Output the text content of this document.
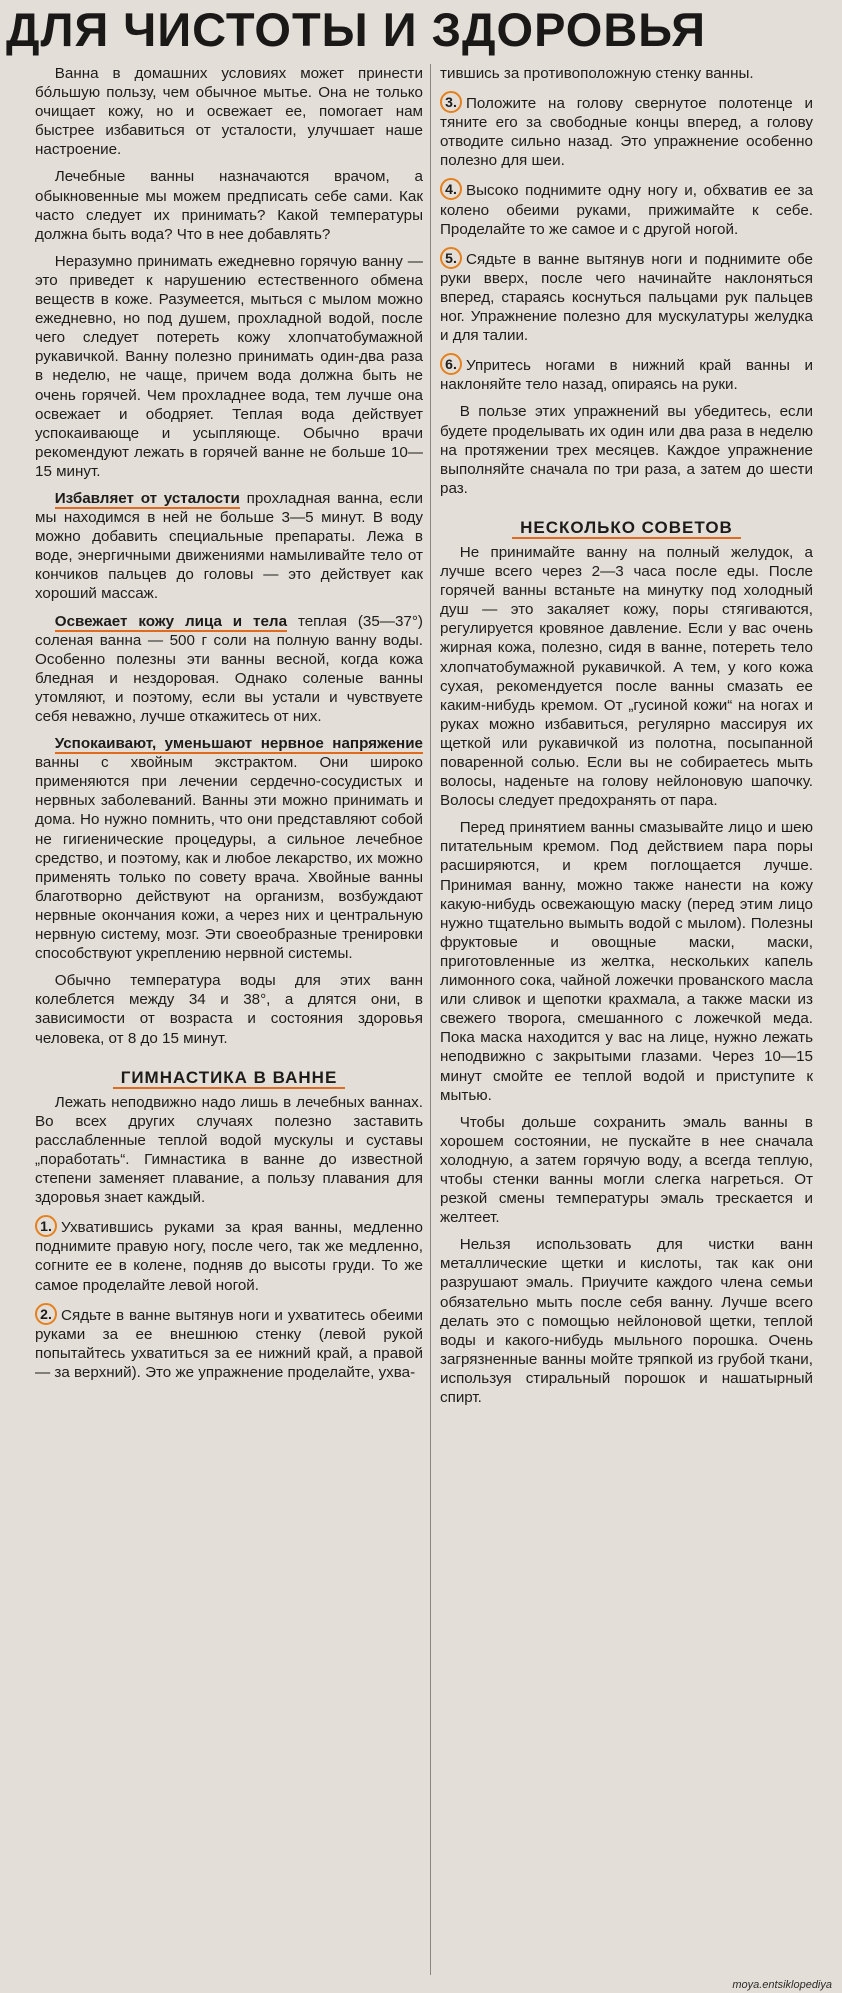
ДЛЯ ЧИСТОТЫ И ЗДОРОВЬЯ

Ванна в домашних условиях может принести бóльшую пользу, чем обычное мытье. Она не только очищает кожу, но и освежает ее, помогает нам быстрее избавиться от усталости, улучшает наше настроение.

Лечебные ванны назначаются врачом, а обыкновенные мы можем предписать себе сами. Как часто следует их принимать? Какой температуры должна быть вода? Что в нее добавлять?

Неразумно принимать ежедневно горячую ванну — это приведет к нарушению естественного обмена веществ в коже. Разумеется, мыться с мылом можно ежедневно, но под душем, прохладной водой, после чего следует потереть кожу хлопчатобумажной рукавичкой. Ванну полезно принимать один-два раза в неделю, не чаще, причем вода должна быть не очень горячей. Чем прохладнее вода, тем лучше она освежает и ободряет. Теплая вода действует успокаивающе и усыпляюще. Обычно врачи рекомендуют лежать в горячей ванне не больше 10—15 минут.

Избавляет от усталости прохладная ванна, если мы находимся в ней не больше 3—5 минут. В воду можно добавить специальные препараты. Лежа в воде, энергичными движениями намыливайте тело от кончиков пальцев до головы — это действует как хороший массаж.

Освежает кожу лица и тела теплая (35—37°) соленая ванна — 500 г соли на полную ванну воды. Особенно полезны эти ванны весной, когда кожа бледная и нездоровая. Однако соленые ванны утомляют, и поэтому, если вы устали и чувствуете себя неважно, лучше откажитесь от них.

Успокаивают, уменьшают нервное напряжение ванны с хвойным экстрактом. Они широко применяются при лечении сердечно-сосудистых и нервных заболеваний. Ванны эти можно принимать и дома. Но нужно помнить, что они представляют собой не гигиенические процедуры, а сильное лечебное средство, и поэтому, как и любое лекарство, их можно применять только по совету врача. Хвойные ванны благотворно действуют на организм, возбуждают нервные окончания кожи, а через них и центральную нервную систему, мозг. Эти своеобразные тренировки способствуют укреплению нервной системы.

Обычно температура воды для этих ванн колеблется между 34 и 38°, а длятся они, в зависимости от возраста и состояния здоровья человека, от 8 до 15 минут.

ГИМНАСТИКА В ВАННЕ

Лежать неподвижно надо лишь в лечебных ваннах. Во всех других случаях полезно заставить расслабленные теплой водой мускулы и суставы „поработать“. Гимнастика в ванне до известной степени заменяет плавание, а пользу плавания для здоровья знает каждый.

1. Ухватившись руками за края ванны, медленно поднимите правую ногу, после чего, так же медленно, согните ее в колене, подняв до высоты груди. То же самое проделайте левой ногой.

2. Сядьте в ванне вытянув ноги и ухватитесь обеими руками за ее внешнюю стенку (левой рукой попытайтесь ухватиться за ее нижний край, а правой — за верхний). Это же упражнение проделайте, ухва-

тившись за противоположную стенку ванны.

3. Положите на голову свернутое полотенце и тяните его за свободные концы вперед, а голову отводите сильно назад. Это упражнение особенно полезно для шеи.

4. Высоко поднимите одну ногу и, обхватив ее за колено обеими руками, прижимайте к себе. Проделайте то же самое и с другой ногой.

5. Сядьте в ванне вытянув ноги и поднимите обе руки вверх, после чего начинайте наклоняться вперед, стараясь коснуться пальцами рук пальцев ног. Упражнение полезно для мускулатуры желудка и для талии.

6. Упритесь ногами в нижний край ванны и наклоняйте тело назад, опираясь на руки.

В пользе этих упражнений вы убедитесь, если будете проделывать их один или два раза в неделю на протяжении трех месяцев. Каждое упражнение выполняйте сначала по три раза, а затем до шести раз.

НЕСКОЛЬКО СОВЕТОВ

Не принимайте ванну на полный желудок, а лучше всего через 2—3 часа после еды. После горячей ванны встаньте на минутку под холодный душ — это закаляет кожу, поры стягиваются, регулируется кровяное давление. Если у вас очень жирная кожа, полезно, сидя в ванне, потереть тело хлопчатобумажной рукавичкой. А тем, у кого кожа сухая, рекомендуется после ванны смазать ее каким-нибудь кремом. От „гусиной кожи“ на ногах и руках можно избавиться, регулярно массируя их щеткой или рукавичкой из полотна, посыпанной поваренной солью. Если вы не собираетесь мыть волосы, наденьте на голову нейлоновую шапочку. Волосы следует предохранять от пара.

Перед принятием ванны смазывайте лицо и шею питательным кремом. Под действием пара поры расширяются, и крем поглощается лучше. Принимая ванну, можно также нанести на кожу какую-нибудь освежающую маску (перед этим лицо нужно тщательно вымыть водой с мылом). Полезны фруктовые и овощные маски, маски, приготовленные из желтка, нескольких капель лимонного сока, чайной ложечки прованского масла или сливок и щепотки крахмала, а также маски из свежего творога, смешанного с ложечкой меда. Пока маска находится у вас на лице, нужно лежать неподвижно с закрытыми глазами. Через 10—15 минут смойте ее теплой водой и приступите к мытью.

Чтобы дольше сохранить эмаль ванны в хорошем состоянии, не пускайте в нее сначала холодную, а затем горячую воду, а всегда теплую, чтобы стенки ванны могли слегка нагреться. От резкой смены температуры эмаль трескается и желтеет.

Нельзя использовать для чистки ванн металлические щетки и кислоты, так как они разрушают эмаль. Приучите каждого члена семьи обязательно мыть после себя ванну. Лучше всего делать это с помощью нейлоновой щетки, теплой воды и какого-нибудь мыльного порошка. Очень загрязненные ванны мойте тряпкой из грубой ткани, используя стиральный порошок и нашатырный спирт.

moya.entsiklopediya
